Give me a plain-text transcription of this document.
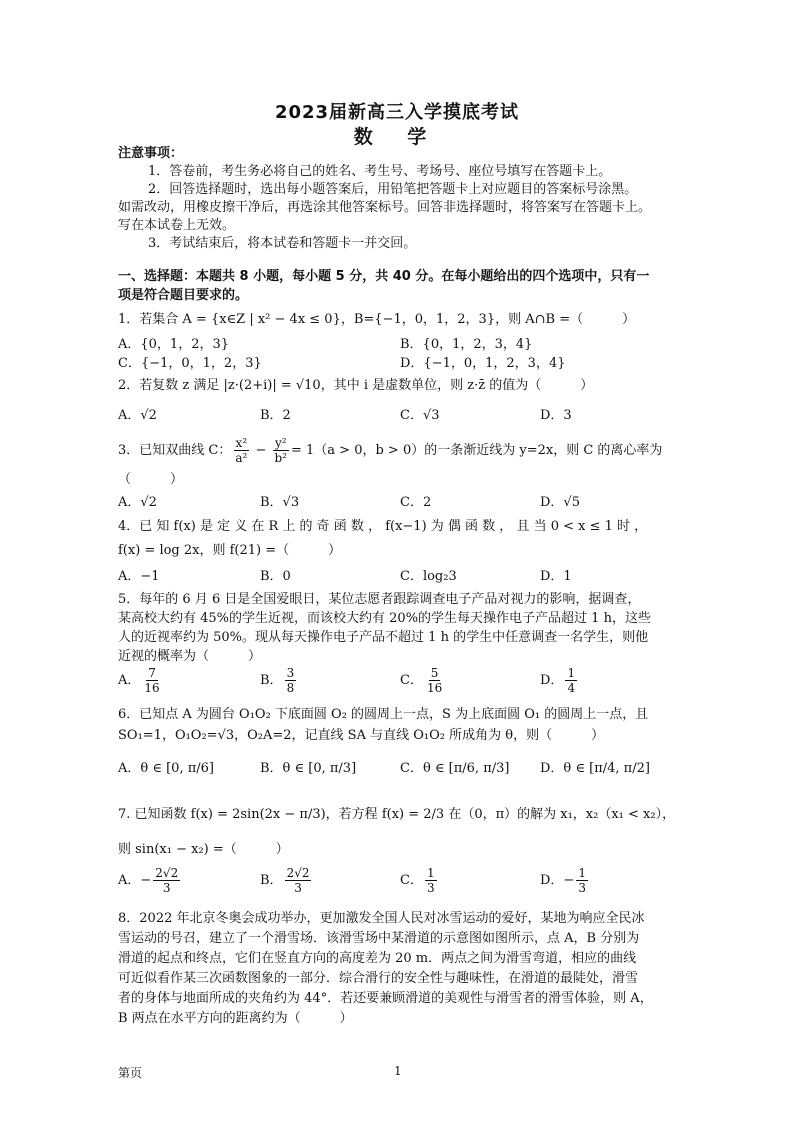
2023届新高三入学摸底考试
数 学
注意事项：
1．答卷前，考生务必将自己的姓名、考生号、考场号、座位号填写在答题卡上。
2．回答选择题时，选出每小题答案后，用铅笔把答题卡上对应题目的答案标号涂黑。
如需改动，用橡皮擦干净后，再选涂其他答案标号。回答非选择题时，将答案写在答题卡上。
写在本试卷上无效。
3．考试结束后，将本试卷和答题卡一并交回。
一、选择题：本题共 8 小题，每小题 5 分，共 40 分。在每小题给出的四个选项中，只有一
项是符合题目要求的。
1．若集合 A = {x∈Z | x² − 4x ≤ 0}，B={−1，0，1，2，3}，则 A∩B =（　　　）
A．{0，1，2，3}	B．{0，1，2，3，4}
C．{−1，0，1，2，3}	D．{−1，0，1，2，3，4}
2．若复数 z 满足 |z·(2+i)| = √10，其中 i 是虚数单位，则 z·z̄ 的值为（　　　）
A．√2	B．2	C．√3	D．3
3．已知双曲线 C： $\frac{\text{x²}}{\text{a²}} - \frac{\text{y²}}{\text{b²}} = 1(a > 0$，b > 0）的一条渐近线为 y=2x，则 C 的离心率为
（　　　）
A．√2	B．√3	C．2	D．√5
4．已 知 f(x) 是 定 义 在 R 上 的 奇 函 数 ， f(x−1) 为 偶 函 数 ， 且 当 0 < x ≤ 1 时 ，
f(x) = log 2x，则 f(21) =（　　　）
A．−1	B．0	C．log₂3	D．1
5．每年的 6 月 6 日是全国爱眼日，某位志愿者跟踪调查电子产品对视力的影响，据调查，
某高校大约有 45%的学生近视，而该校大约有 20%的学生每天操作电子产品超过 1 h，这些
人的近视率约为 50%。现从每天操作电子产品不超过 1 h 的学生中任意调查一名学生，则他
近视的概率为（　　　）
A． $\frac{7}{16}$	B． $\frac{3}{8}$	C． $\frac{5}{16}$	D． $\frac{1}{4}$
6．已知点 A 为圆台 O₁O₂ 下底面圆 O₂ 的圆周上一点，S 为上底面圆 O₁ 的圆周上一点，且
SO₁=1，O₁O₂=√3，O₂A=2，记直线 SA 与直线 O₁O₂ 所成角为 θ，则（　　　）
A．θ ∈ [0, π/6]	B．θ ∈ [0, π/3]	C．θ ∈ [π/6, π/3] D．θ ∈ [π/4, π/2]
7. 已知函数 f(x) = 2sin(2x − π/3)，若方程 f(x) = 2/3 在（0，π）的解为 x₁，x₂（x₁ < x₂），
则 sin(x₁ − x₂) =（　　　）
A．− $\frac{2√2}{3}$	B． $\frac{2√2}{3}$	C． $\frac{1}{3}$	D．− $\frac{1}{3}$
8．2022 年北京冬奥会成功举办，更加激发全国人民对冰雪运动的爱好，某地为响应全民冰
雪运动的号召，建立了一个滑雪场．该滑雪场中某滑道的示意图如图所示，点 A，B 分别为
滑道的起点和终点，它们在竖直方向的高度差为 20 m．两点之间为滑雪弯道，相应的曲线
可近似看作某三次函数图象的一部分．综合滑行的安全性与趣味性，在滑道的最陡处，滑雪
者的身体与地面所成的夹角约为 44°．若还要兼顾滑道的美观性与滑雪者的滑雪体验，则 A，
B 两点在水平方向的距离约为（　　　）
第页	1
